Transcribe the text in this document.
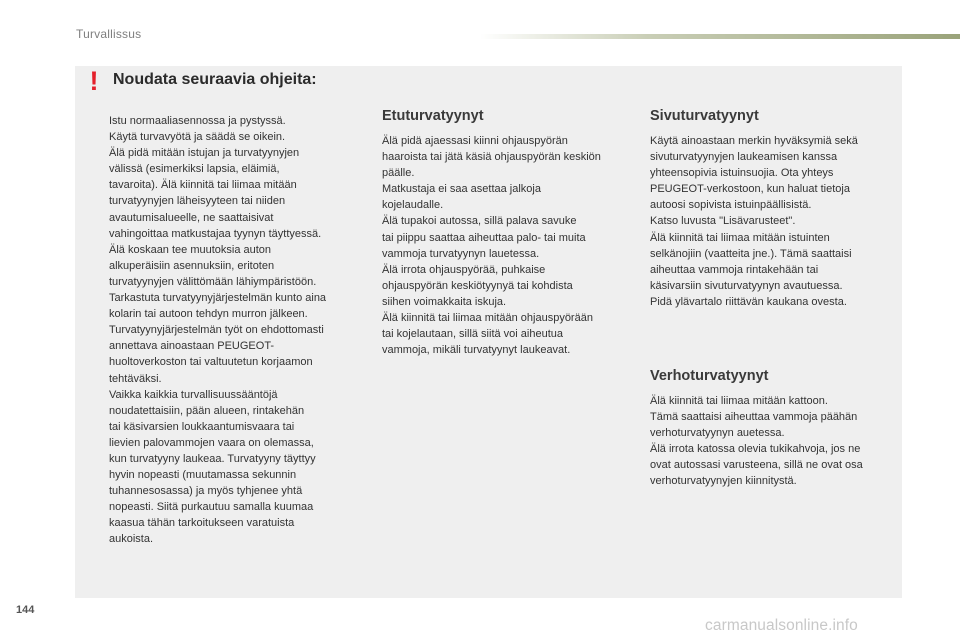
Turvallissus
! Noudata seuraavia ohjeita:

Istu normaaliasennossa ja pystyssä.
Käytä turvavyötä ja säädä se oikein.
Älä pidä mitään istujan ja turvatyynyjen
välissä (esimerkiksi lapsia, eläimiä,
tavaroita). Älä kiinnitä tai liimaa mitään
turvatyynyjen läheisyyteen tai niiden
avautumisalueelle, ne saattaisivat
vahingoittaa matkustajaa tyynyn täyttyessä.
Älä koskaan tee muutoksia auton
alkuperäisiin asennuksiin, eritoten
turvatyynyjen välittömään lähiympäristöön.
Tarkastuta turvatyynyjärjestelmän kunto aina
kolarin tai autoon tehdyn murron jälkeen.
Turvatyynyjärjestelmän työt on ehdottomasti
annettava ainoastaan PEUGEOT-
huoltoverkoston tai valtuutetun korjaamon
tehtäväksi.
Vaikka kaikkia turvallisuussääntöjä
noudatettaisiin, pään alueen, rintakehän
tai käsivarsien loukkaantumisvaara tai
lievien palovammojen vaara on olemassa,
kun turvatyyny laukeaa. Turvatyyny täyttyy
hyvin nopeasti (muutamassa sekunnin
tuhannesosassa) ja myös tyhjenee yhtä
nopeasti. Siitä purkautuu samalla kuumaa
kaasua tähän tarkoitukseen varatuista
aukoista.

Etuturvatyynyt

Älä pidä ajaessasi kiinni ohjauspyörän
haaroista tai jätä käsiä ohjauspyörän keskiön
päälle.
Matkustaja ei saa asettaa jalkoja
kojelaudalle.
Älä tupakoi autossa, sillä palava savuke
tai piippu saattaa aiheuttaa palo- tai muita
vammoja turvatyynyn lauetessa.
Älä irrota ohjauspyörää, puhkaise
ohjauspyörän keskiötyynyä tai kohdista
siihen voimakkaita iskuja.
Älä kiinnitä tai liimaa mitään ohjauspyörään
tai kojelautaan, sillä siitä voi aiheutua
vammoja, mikäli turvatyynyt laukeavat.

Sivuturvatyynyt

Käytä ainoastaan merkin hyväksymiä sekä
sivuturvatyynyjen laukeamisen kanssa
yhteensopivia istuinsuojia. Ota yhteys
PEUGEOT-verkostoon, kun haluat tietoja
autoosi sopivista istuinpäällisistä.
Katso luvusta "Lisävarusteet".
Älä kiinnitä tai liimaa mitään istuinten
selkänojiin (vaatteita jne.). Tämä saattaisi
aiheuttaa vammoja rintakehään tai
käsivarsiin sivuturvatyynyn avautuessa.
Pidä ylävartalo riittävän kaukana ovesta.

Verhoturvatyynyt

Älä kiinnitä tai liimaa mitään kattoon.
Tämä saattaisi aiheuttaa vammoja päähän
verhoturvatyynyn auetessa.
Älä irrota katossa olevia tukikahvoja, jos ne
ovat autossasi varusteena, sillä ne ovat osa
verhoturvatyynyjen kiinnitystä.

144
carmanualsonline.info
